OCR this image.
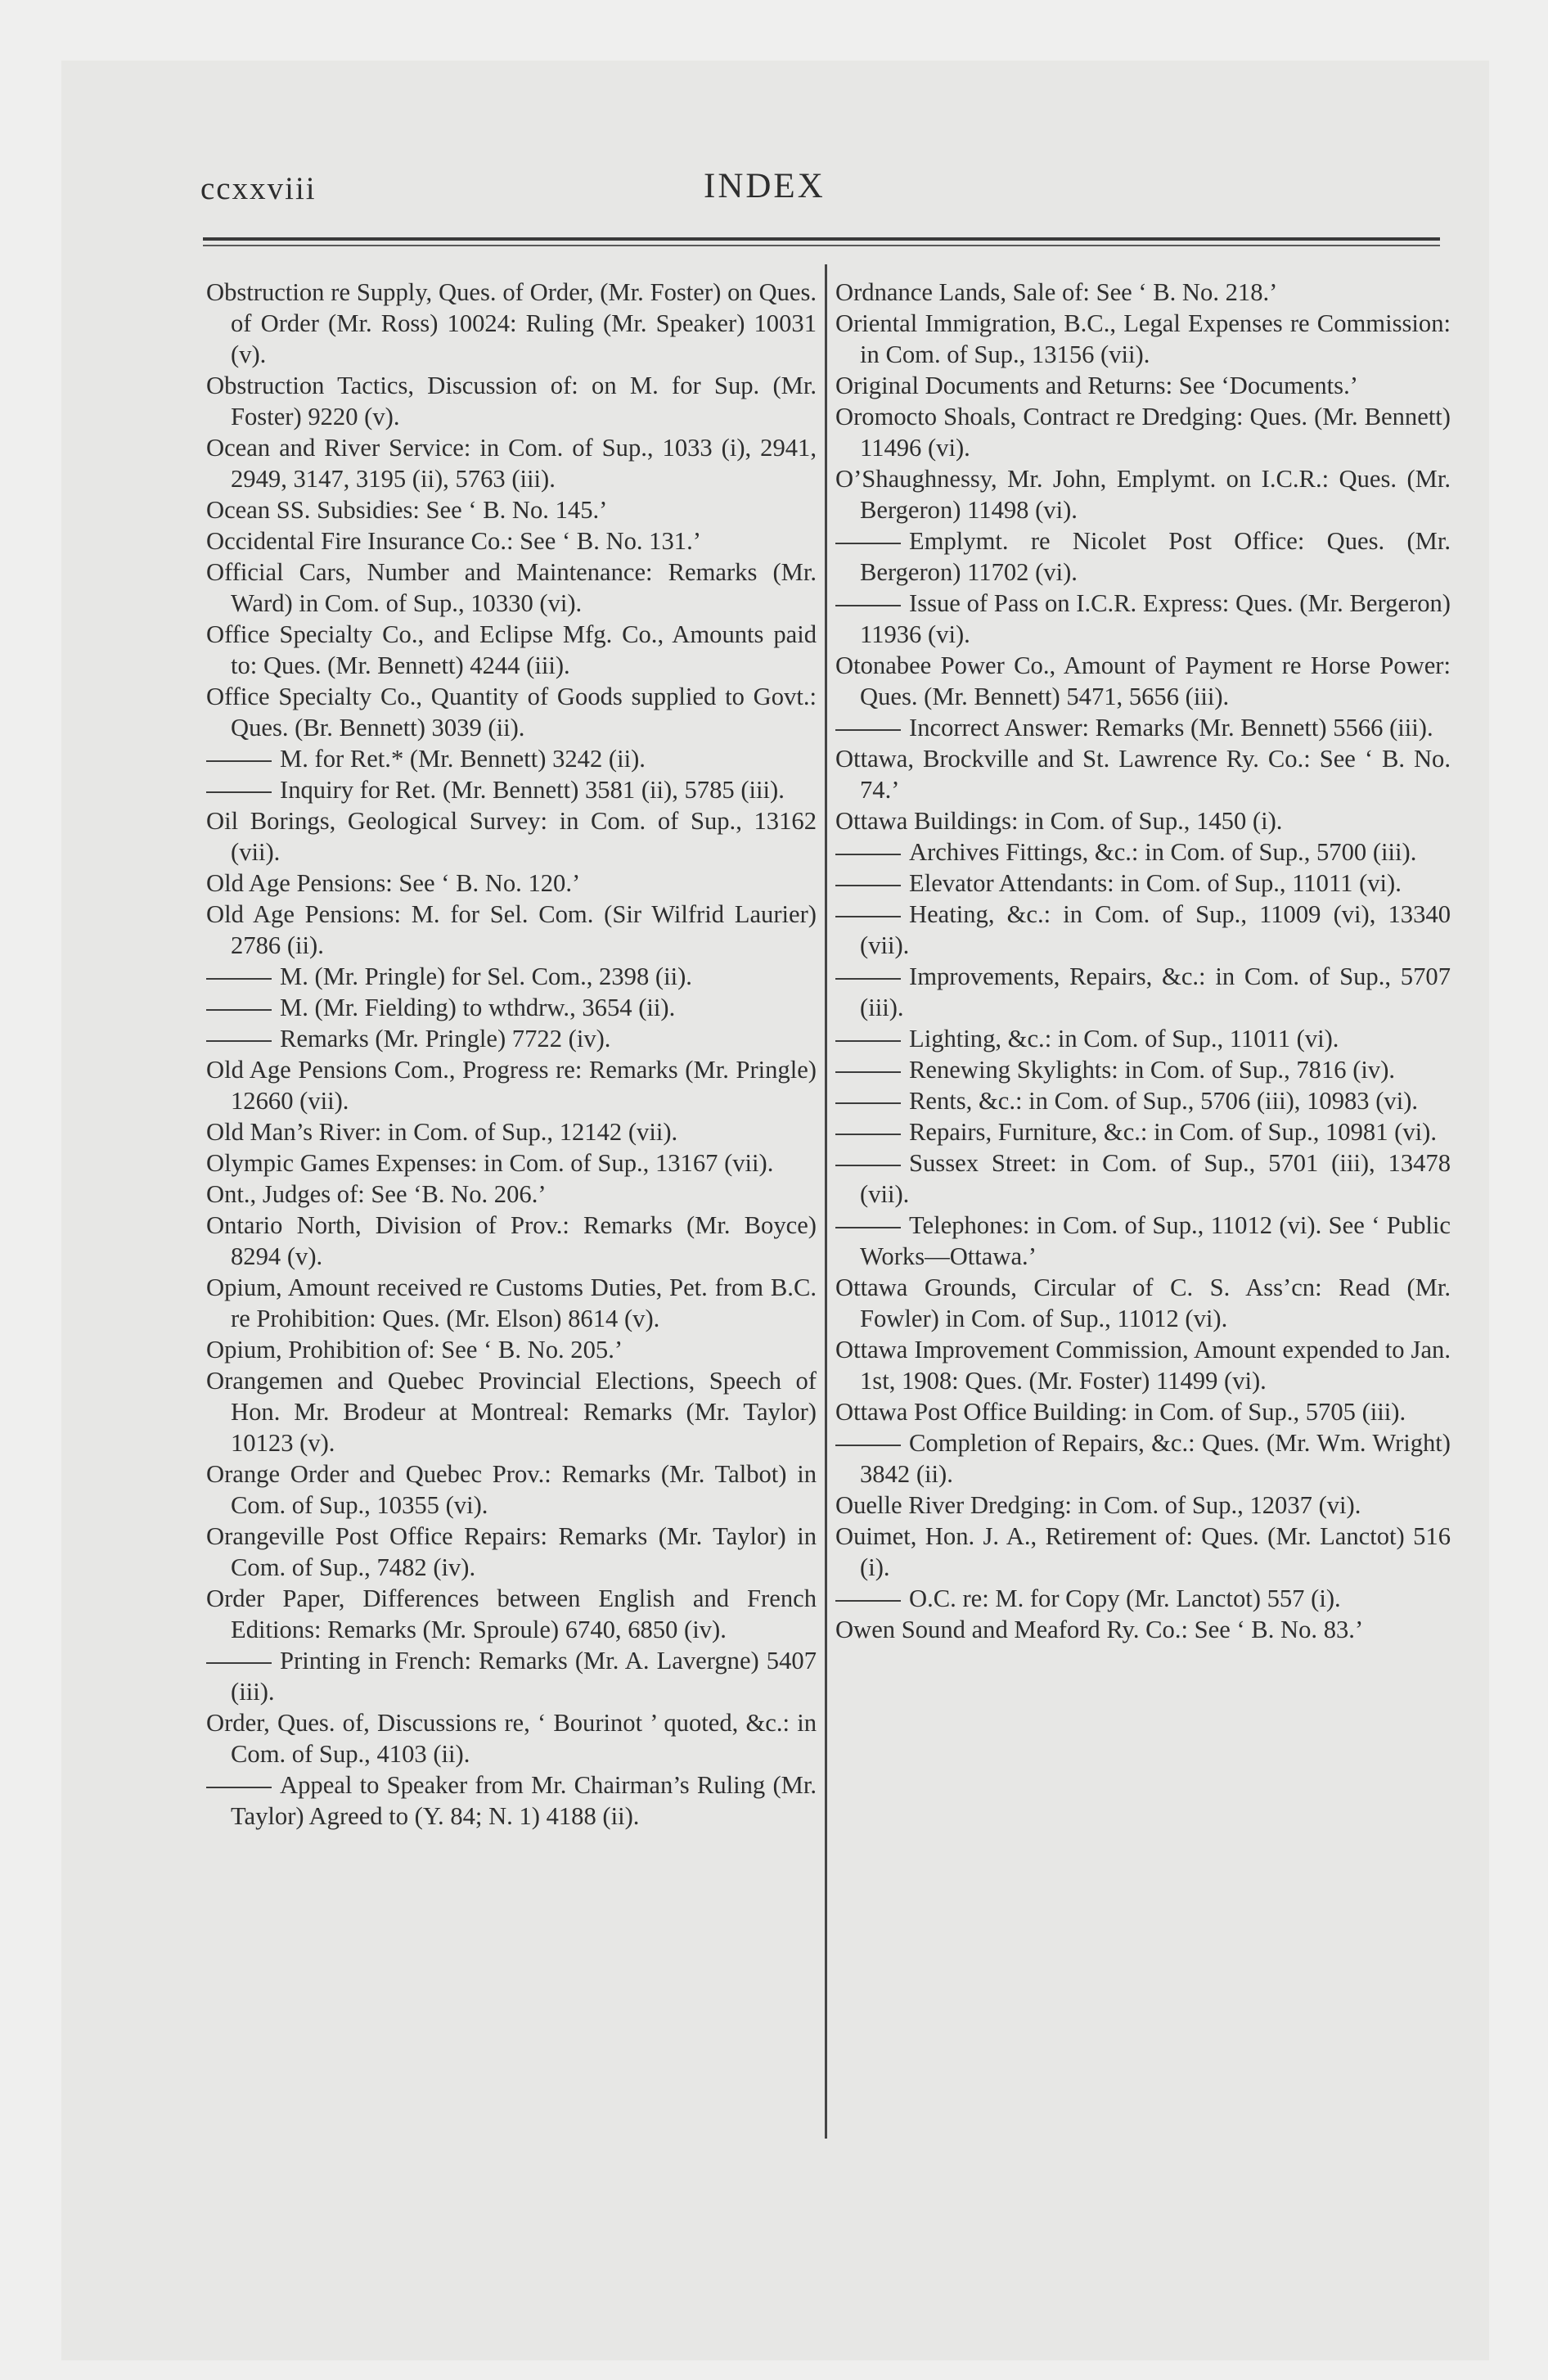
ccxxviii	INDEX

Obstruction re Supply, Ques. of Order, (Mr. Foster) on Ques. of Order (Mr. Ross) 10024: Ruling (Mr. Speaker) 10031 (v).

Obstruction Tactics, Discussion of: on M. for Sup. (Mr. Foster) 9220 (v).

Ocean and River Service: in Com. of Sup., 1033 (i), 2941, 2949, 3147, 3195 (ii), 5763 (iii).

Ocean SS. Subsidies: See ‘ B. No. 145.’

Occidental Fire Insurance Co.: See ‘ B. No. 131.’

Official Cars, Number and Maintenance: Remarks (Mr. Ward) in Com. of Sup., 10330 (vi).

Office Specialty Co., and Eclipse Mfg. Co., Amounts paid to: Ques. (Mr. Bennett) 4244 (iii).

Office Specialty Co., Quantity of Goods supplied to Govt.: Ques. (Br. Bennett) 3039 (ii).

M. for Ret.* (Mr. Bennett) 3242 (ii).

Inquiry for Ret. (Mr. Bennett) 3581 (ii), 5785 (iii).

Oil Borings, Geological Survey: in Com. of Sup., 13162 (vii).

Old Age Pensions: See ‘ B. No. 120.’

Old Age Pensions: M. for Sel. Com. (Sir Wilfrid Laurier) 2786 (ii).

M. (Mr. Pringle) for Sel. Com., 2398 (ii).

M. (Mr. Fielding) to wthdrw., 3654 (ii).

Remarks (Mr. Pringle) 7722 (iv).

Old Age Pensions Com., Progress re: Remarks (Mr. Pringle) 12660 (vii).

Old Man’s River: in Com. of Sup., 12142 (vii).

Olympic Games Expenses: in Com. of Sup., 13167 (vii).

Ont., Judges of: See ‘B. No. 206.’

Ontario North, Division of Prov.: Remarks (Mr. Boyce) 8294 (v).

Opium, Amount received re Customs Duties, Pet. from B.C. re Prohibition: Ques. (Mr. Elson) 8614 (v).

Opium, Prohibition of: See ‘ B. No. 205.’

Orangemen and Quebec Provincial Elections, Speech of Hon. Mr. Brodeur at Montreal: Remarks (Mr. Taylor) 10123 (v).

Orange Order and Quebec Prov.: Remarks (Mr. Talbot) in Com. of Sup., 10355 (vi).

Orangeville Post Office Repairs: Remarks (Mr. Taylor) in Com. of Sup., 7482 (iv).

Order Paper, Differences between English and French Editions: Remarks (Mr. Sproule) 6740, 6850 (iv).

Printing in French: Remarks (Mr. A. Lavergne) 5407 (iii).

Order, Ques. of, Discussions re, ‘ Bourinot ’ quoted, &c.: in Com. of Sup., 4103 (ii).

Appeal to Speaker from Mr. Chairman’s Ruling (Mr. Taylor) Agreed to (Y. 84; N. 1) 4188 (ii).

Ordnance Lands, Sale of: See ‘ B. No. 218.’

Oriental Immigration, B.C., Legal Expenses re Commission: in Com. of Sup., 13156 (vii).

Original Documents and Returns: See ‘Documents.’

Oromocto Shoals, Contract re Dredging: Ques. (Mr. Bennett) 11496 (vi).

O’Shaughnessy, Mr. John, Emplymt. on I.C.R.: Ques. (Mr. Bergeron) 11498 (vi).

Emplymt. re Nicolet Post Office: Ques. (Mr. Bergeron) 11702 (vi).

Issue of Pass on I.C.R. Express: Ques. (Mr. Bergeron) 11936 (vi).

Otonabee Power Co., Amount of Payment re Horse Power: Ques. (Mr. Bennett) 5471, 5656 (iii).

Incorrect Answer: Remarks (Mr. Bennett) 5566 (iii).

Ottawa, Brockville and St. Lawrence Ry. Co.: See ‘ B. No. 74.’

Ottawa Buildings: in Com. of Sup., 1450 (i).

Archives Fittings, &c.: in Com. of Sup., 5700 (iii).

Elevator Attendants: in Com. of Sup., 11011 (vi).

Heating, &c.: in Com. of Sup., 11009 (vi), 13340 (vii).

Improvements, Repairs, &c.: in Com. of Sup., 5707 (iii).

Lighting, &c.: in Com. of Sup., 11011 (vi).

Renewing Skylights: in Com. of Sup., 7816 (iv).

Rents, &c.: in Com. of Sup., 5706 (iii), 10983 (vi).

Repairs, Furniture, &c.: in Com. of Sup., 10981 (vi).

Sussex Street: in Com. of Sup., 5701 (iii), 13478 (vii).

Telephones: in Com. of Sup., 11012 (vi). See ‘ Public Works—Ottawa.’

Ottawa Grounds, Circular of C. S. Ass’cn: Read (Mr. Fowler) in Com. of Sup., 11012 (vi).

Ottawa Improvement Commission, Amount expended to Jan. 1st, 1908: Ques. (Mr. Foster) 11499 (vi).

Ottawa Post Office Building: in Com. of Sup., 5705 (iii).

Completion of Repairs, &c.: Ques. (Mr. Wm. Wright) 3842 (ii).

Ouelle River Dredging: in Com. of Sup., 12037 (vi).

Ouimet, Hon. J. A., Retirement of: Ques. (Mr. Lanctot) 516 (i).

O.C. re: M. for Copy (Mr. Lanctot) 557 (i).

Owen Sound and Meaford Ry. Co.: See ‘ B. No. 83.’
